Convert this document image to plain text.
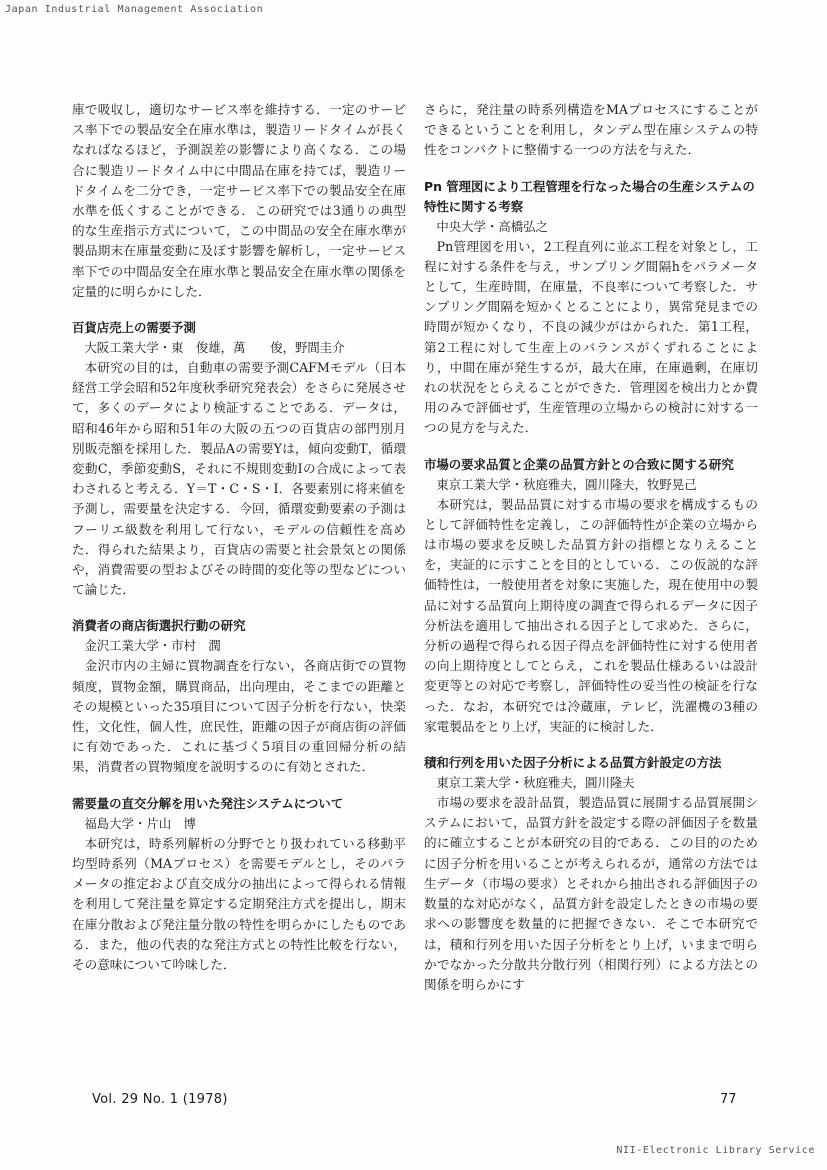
Japan Industrial Management Association

庫で吸収し，適切なサービス率を維持する．一定のサービス率下での製品安全在庫水準は，製造リードタイムが長くなればなるほど，予測誤差の影響により高くなる．この場合に製造リードタイム中に中間品在庫を持てば，製造リードタイムを二分でき，一定サービス率下での製品安全在庫水準を低くすることができる．この研究では3通りの典型的な生産指示方式について，この中間品の安全在庫水準が製品期末在庫量変動に及ぼす影響を解析し，一定サービス率下での中間品安全在庫水準と製品安全在庫水準の関係を定量的に明らかにした．

百貨店売上の需要予測

大阪工業大学・東　俊雄，萬　　俊，野間圭介

本研究の目的は，自動車の需要予測CAFMモデル（日本経営工学会昭和52年度秋季研究発表会）をさらに発展させて，多くのデータにより検証することである．データは，昭和46年から昭和51年の大阪の五つの百貨店の部門別月別販売額を採用した．製品Aの需要Yは，傾向変動T，循環変動C，季節変動S，それに不規則変動Iの合成によって表わされると考える．Y＝T・C・S・I．各要素別に将来値を予測し，需要量を決定する．今回，循環変動要素の予測はフーリエ級数を利用して行ない，モデルの信頼性を高めた．得られた結果より，百貨店の需要と社会景気との関係や，消費需要の型およびその時間的変化等の型などについて論じた．

消費者の商店街選択行動の研究

金沢工業大学・市村　潤

金沢市内の主婦に買物調査を行ない，各商店街での買物頻度，買物金額，購買商品，出向理由，そこまでの距離とその規模といった35項目について因子分析を行ない，快楽性，文化性，個人性，庶民性，距離の因子が商店街の評価に有効であった．これに基づく5項目の重回帰分析の結果，消費者の買物頻度を説明するのに有効とされた．

需要量の直交分解を用いた発注システムについて

福島大学・片山　博

本研究は，時系列解析の分野でとり扱われている移動平均型時系列（MAプロセス）を需要モデルとし，そのパラメータの推定および直交成分の抽出によって得られる情報を利用して発注量を算定する定期発注方式を提出し，期末在庫分散および発注量分散の特性を明らかにしたものである．また，他の代表的な発注方式との特性比較を行ない，その意味について吟味した．

さらに，発注量の時系列構造をMAプロセスにすることができるということを利用し，タンデム型在庫システムの特性をコンパクトに整備する一つの方法を与えた．

Pn 管理図により工程管理を行なった場合の生産システムの特性に関する考察

中央大学・高橋弘之

Pn管理図を用い，2工程直列に並ぶ工程を対象とし，工程に対する条件を与え，サンプリング間隔hをパラメータとして，生産時間，在庫量，不良率について考察した．サンプリング間隔を短かくとることにより，異常発見までの時間が短かくなり，不良の減少がはかられた．第1工程，第2工程に対して生産上のバランスがくずれることにより，中間在庫が発生するが，最大在庫，在庫過剰，在庫切れの状況をとらえることができた．管理図を検出力とか費用のみで評価せず，生産管理の立場からの検討に対する一つの見方を与えた．

市場の要求品質と企業の品質方針との合致に関する研究

東京工業大学・秋庭雅夫，圓川隆夫，牧野晃己

本研究は，製品品質に対する市場の要求を構成するものとして評価特性を定義し，この評価特性が企業の立場からは市場の要求を反映した品質方針の指標となりえることを，実証的に示すことを目的としている．この仮説的な評価特性は，一般使用者を対象に実施した，現在使用中の製品に対する品質向上期待度の調査で得られるデータに因子分析法を適用して抽出される因子として求めた．さらに，分析の過程で得られる因子得点を評価特性に対する使用者の向上期待度としてとらえ，これを製品仕様あるいは設計変更等との対応で考察し，評価特性の妥当性の検証を行なった．なお，本研究では冷蔵庫，テレビ，洗濯機の3種の家電製品をとり上げ，実証的に検討した．

積和行列を用いた因子分析による品質方針設定の方法

東京工業大学・秋庭雅夫，圓川隆夫

市場の要求を設計品質，製造品質に展開する品質展開システムにおいて，品質方針を設定する際の評価因子を数量的に確立することが本研究の目的である．この目的のために因子分析を用いることが考えられるが，通常の方法では生データ（市場の要求）とそれから抽出される評価因子の数量的な対応がなく，品質方針を設定したときの市場の要求への影響度を数量的に把握できない．そこで本研究では，積和行列を用いた因子分析をとり上げ，いままで明らかでなかった分散共分散行列（相関行列）による方法との関係を明らかにす

Vol. 29 No. 1 (1978)	77
NII-Electronic Library Service
